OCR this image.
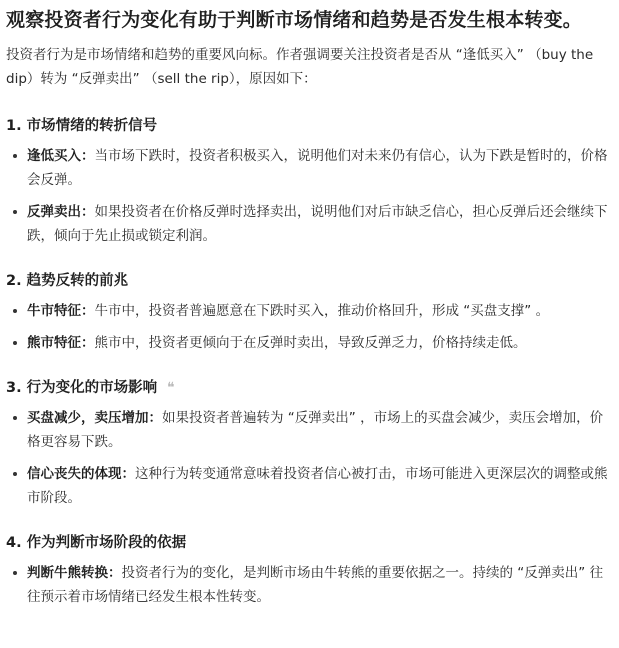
观察投资者行为变化有助于判断市场情绪和趋势是否发生根本转变。

投资者行为是市场情绪和趋势的重要风向标。作者强调要关注投资者是否从 “逢低买入” （buy the dip）转为 “反弹卖出” （sell the rip），原因如下：

1. 市场情绪的转折信号
逢低买入：当市场下跌时，投资者积极买入，说明他们对未来仍有信心，认为下跌是暂时的，价格会反弹。
反弹卖出：如果投资者在价格反弹时选择卖出，说明他们对后市缺乏信心，担心反弹后还会继续下跌，倾向于先止损或锁定利润。
2. 趋势反转的前兆
牛市特征：牛市中，投资者普遍愿意在下跌时买入，推动价格回升，形成 “买盘支撑” 。
熊市特征：熊市中，投资者更倾向于在反弹时卖出，导致反弹乏力，价格持续走低。
3. 行为变化的市场影响 ❝
买盘减少，卖压增加：如果投资者普遍转为 “反弹卖出” ，市场上的买盘会减少，卖压会增加，价格更容易下跌。
信心丧失的体现：这种行为转变通常意味着投资者信心被打击，市场可能进入更深层次的调整或熊市阶段。
4. 作为判断市场阶段的依据
判断牛熊转换：投资者行为的变化，是判断市场由牛转熊的重要依据之一。持续的 “反弹卖出” 往往预示着市场情绪已经发生根本性转变。
